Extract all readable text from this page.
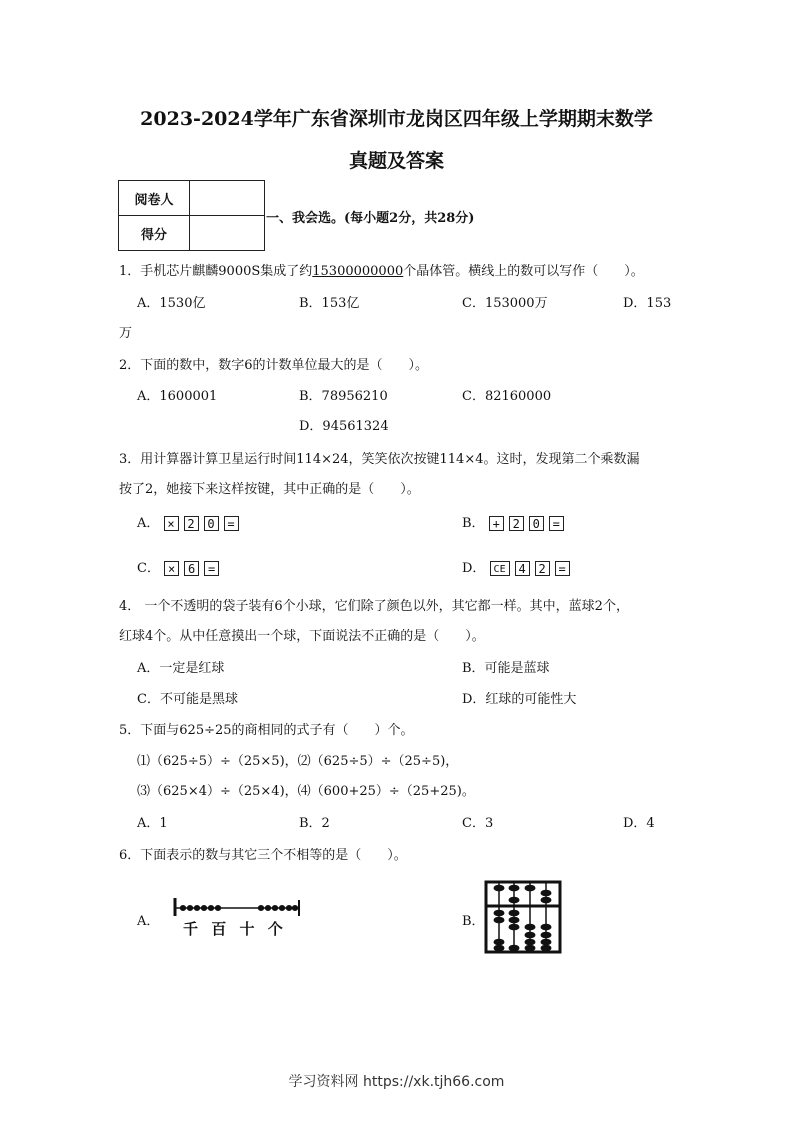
2023-2024学年广东省深圳市龙岗区四年级上学期期末数学
真题及答案
阅卷人	
得分	
一、我会选。(每小题2分，共28分)
1．手机芯片麒麟9000S集成了约15300000000个晶体管。横线上的数可以写作（　　）。
A．1530亿	B．153亿	C．153000万	D．153
万
2．下面的数中，数字6的计数单位最大的是（　　）。
A．1600001	B．78956210	C．82160000
D．94561324
3．用计算器计算卫星运行时间114×24，笑笑依次按键114×4。这时，发现第二个乘数漏
按了2，她接下来这样按键，其中正确的是（　　）。
A． × 2 0 =	B． + 2 0 =
C． × 6 =	D． CE 4 2 =
4． 一个不透明的袋子装有6个小球，它们除了颜色以外，其它都一样。其中，蓝球2个，
红球4个。从中任意摸出一个球，下面说法不正确的是（　　）。
A．一定是红球	B．可能是蓝球
C．不可能是黑球	D．红球的可能性大
5．下面与625÷25的商相同的式子有（　　）个。
⑴（625÷5）÷（25×5)，⑵（625÷5）÷（25÷5)，
⑶（625×4）÷（25×4)，⑷（600+25）÷（25+25)。
A．1	B．2	C．3	D．4
6．下面表示的数与其它三个不相等的是（　　）。
A．	B．
千 百 十 个
学习资料网 https://xk.tjh66.com
